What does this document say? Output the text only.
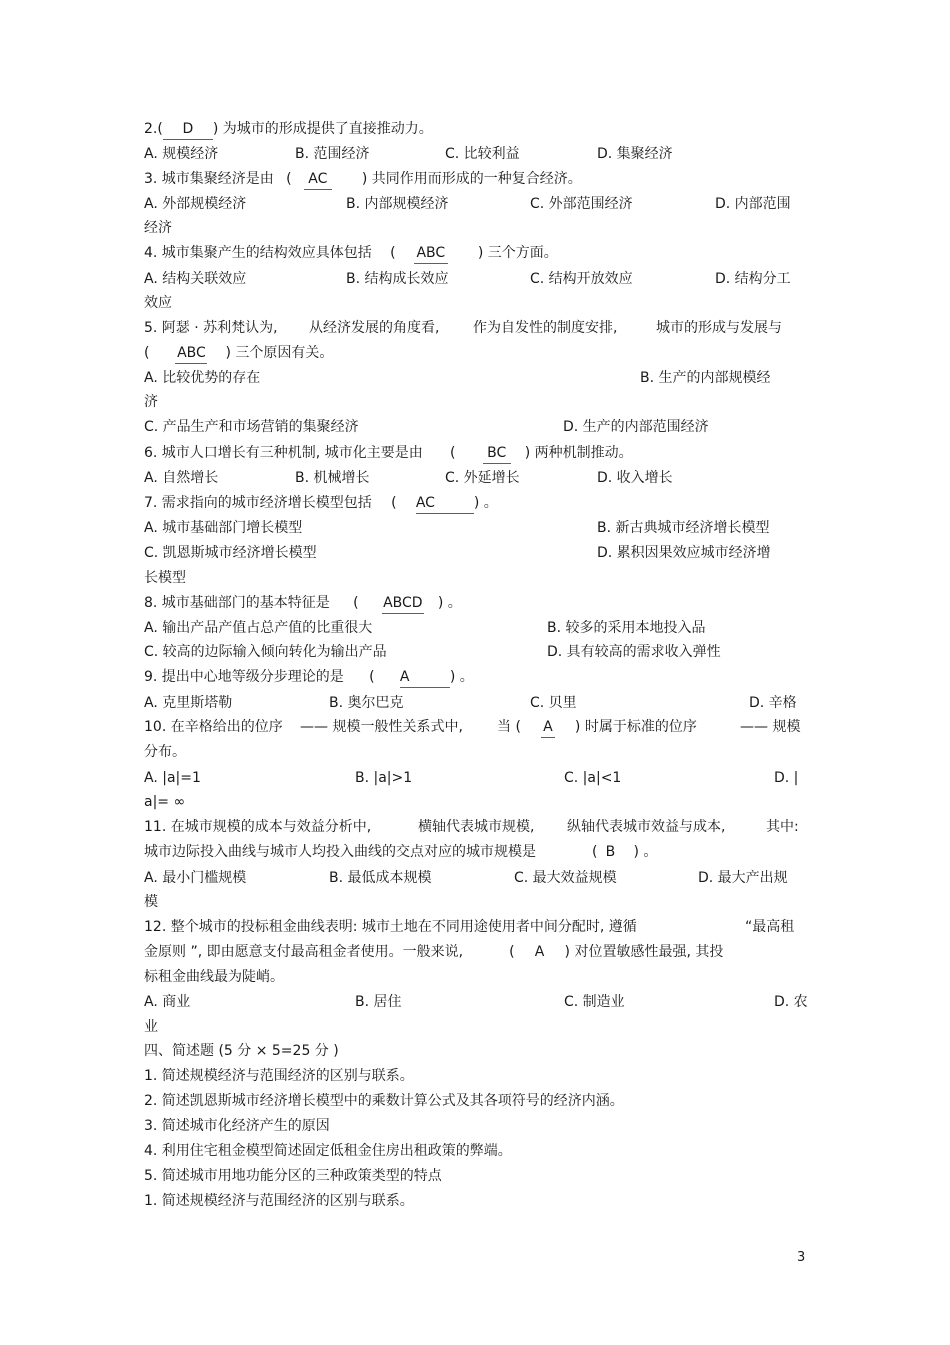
2.( D ) 为城市的形成提供了直接推动力。
A. 规模经济	B. 范围经济	C. 比较利益	D. 集聚经济
3. 城市集聚经济是由 ( AC ) 共同作用而形成的一种复合经济。
A. 外部规模经济	B. 内部规模经济	C. 外部范围经济	D. 内部范围
经济
4. 城市集聚产生的结构效应具体包括 ( ABC ) 三个方面。
A. 结构关联效应	B. 结构成长效应	C. 结构开放效应	D. 结构分工
效应
5. 阿瑟 · 苏利梵认为, 从经济发展的角度看, 作为自发性的制度安排,	城市的形成与发展与
( ABC ) 三个原因有关。
A. 比较优势的存在	B. 生产的内部规模经
济
C. 产品生产和市场营销的集聚经济	D. 生产的内部范围经济
6. 城市人口增长有三种机制, 城市化主要是由 ( BC ) 两种机制推动。
A. 自然增长	B. 机械增长	C. 外延增长	D. 收入增长
7. 需求指向的城市经济增长模型包括 ( AC	) 。
A. 城市基础部门增长模型	B. 新古典城市经济增长模型
C. 凯恩斯城市经济增长模型	D. 累积因果效应城市经济增
长模型
8. 城市基础部门的基本特征是 ( ABCD ) 。
A. 输出产品产值占总产值的比重很大	B. 较多的采用本地投入品
C. 较高的边际输入倾向转化为输出产品	D. 具有较高的需求收入弹性
9. 提出中心地等级分步理论的是 ( A	) 。
A. 克里斯塔勒	B. 奥尔巴克	C. 贝里	D. 辛格
10. 在辛格给出的位序 —— 规模一般性关系式中, 当 ( A ) 时属于标准的位序	—— 规模
分布。
A. |a|=1	B. |a|>1	C. |a|<1	D. |
a|= ∞
11. 在城市规模的成本与效益分析中,	横轴代表城市规模, 纵轴代表城市效益与成本,	其中:
城市边际投入曲线与城市人均投入曲线的交点对应的城市规模是	( B ) 。
A. 最小门槛规模	B. 最低成本规模	C. 最大效益规模	D. 最大产出规
模
12. 整个城市的投标租金曲线表明: 城市土地在不同用途使用者中间分配时, 遵循	“最高租
金原则 ”, 即由愿意支付最高租金者使用。一般来说,	( A ) 对位置敏感性最强, 其投
标租金曲线最为陡峭。
A. 商业	B. 居住	C. 制造业	D. 农
业
四、简述题 (5 分 × 5=25 分 )
1. 简述规模经济与范围经济的区别与联系。
2. 简述凯恩斯城市经济增长模型中的乘数计算公式及其各项符号的经济内涵。
3. 简述城市化经济产生的原因
4. 利用住宅租金模型简述固定低租金住房出租政策的弊端。
5. 简述城市用地功能分区的三种政策类型的特点
1. 简述规模经济与范围经济的区别与联系。
3
